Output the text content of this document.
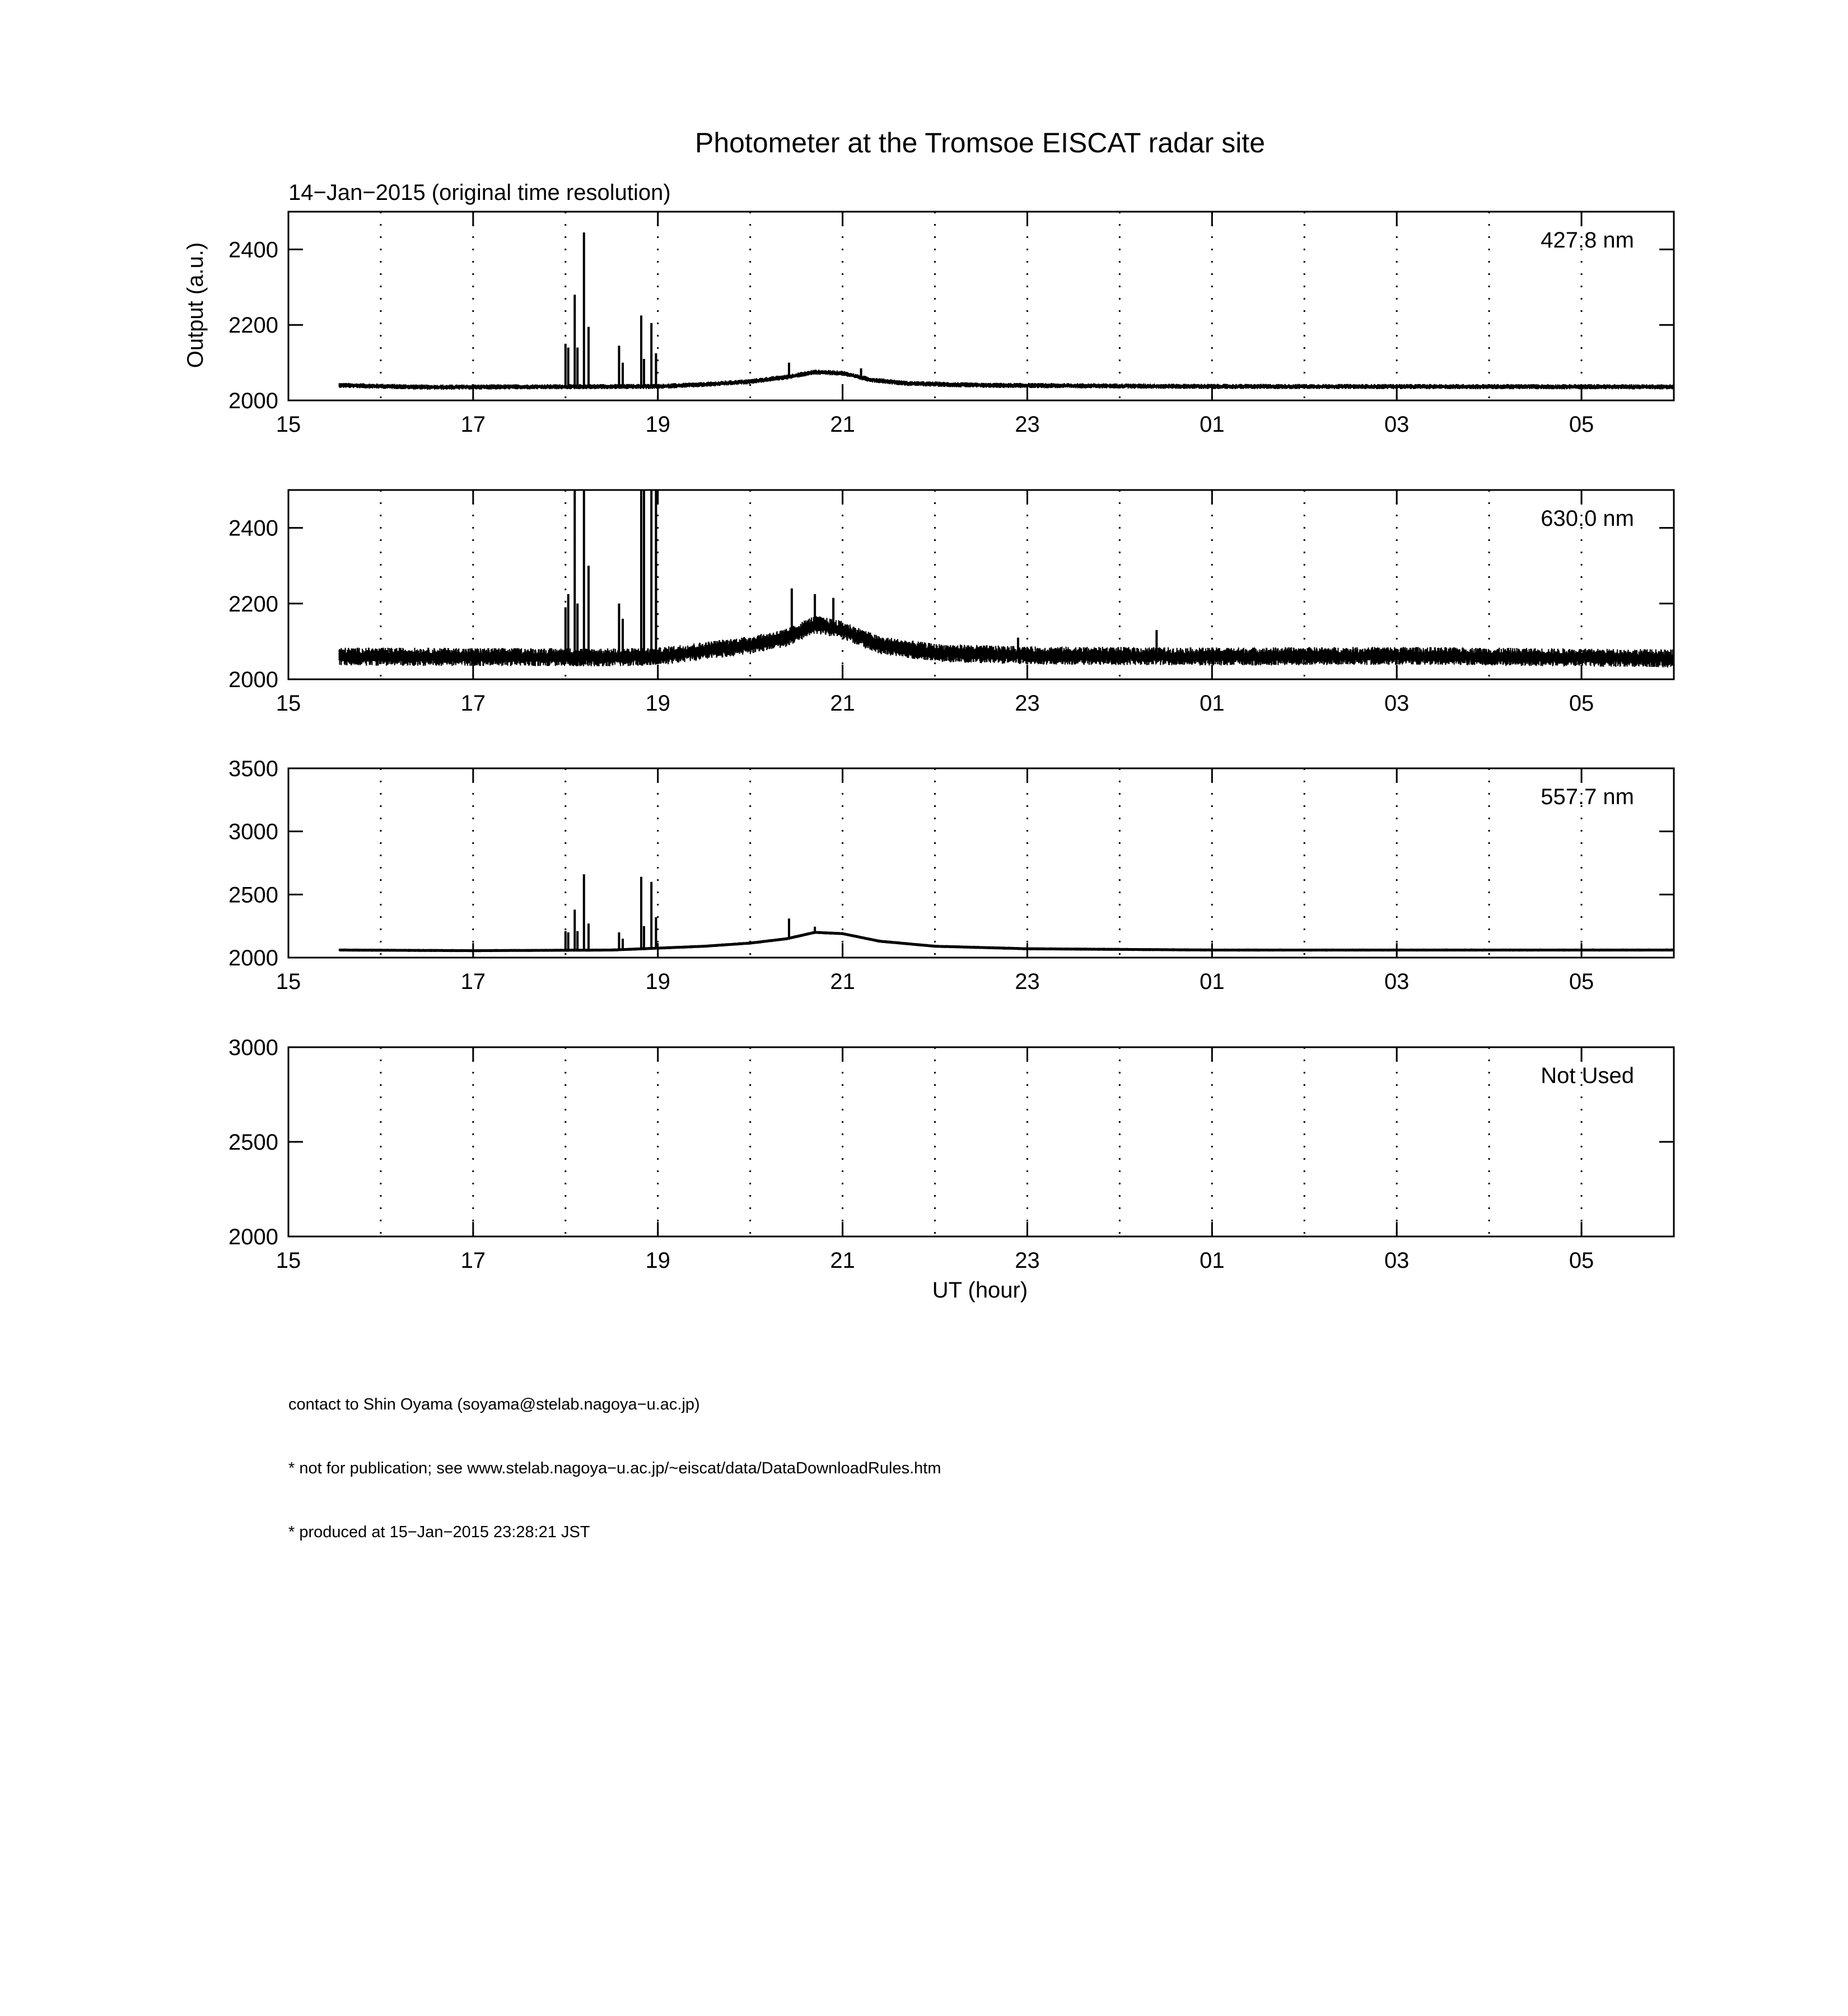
Photometer at the Tromsoe EISCAT radar site
14−Jan−2015 (original time resolution)
Output (a.u.)
UT (hour)
15	17	19	21	23	01	03	05
2000
2200
2400	427.8 nm
15	17	19	21	23	01	03	05
2000
2200
2400	630.0 nm
15	17	19	21	23	01	03	05
2000
2500
3000
3500
557.7 nm
15	17	19	21	23	01	03	05
2000
2500
3000
Not Used

contact to Shin Oyama (soyama@stelab.nagoya−u.ac.jp)

* not for publication; see www.stelab.nagoya−u.ac.jp/~eiscat/data/DataDownloadRules.htm

* produced at 15−Jan−2015 23:28:21 JST
